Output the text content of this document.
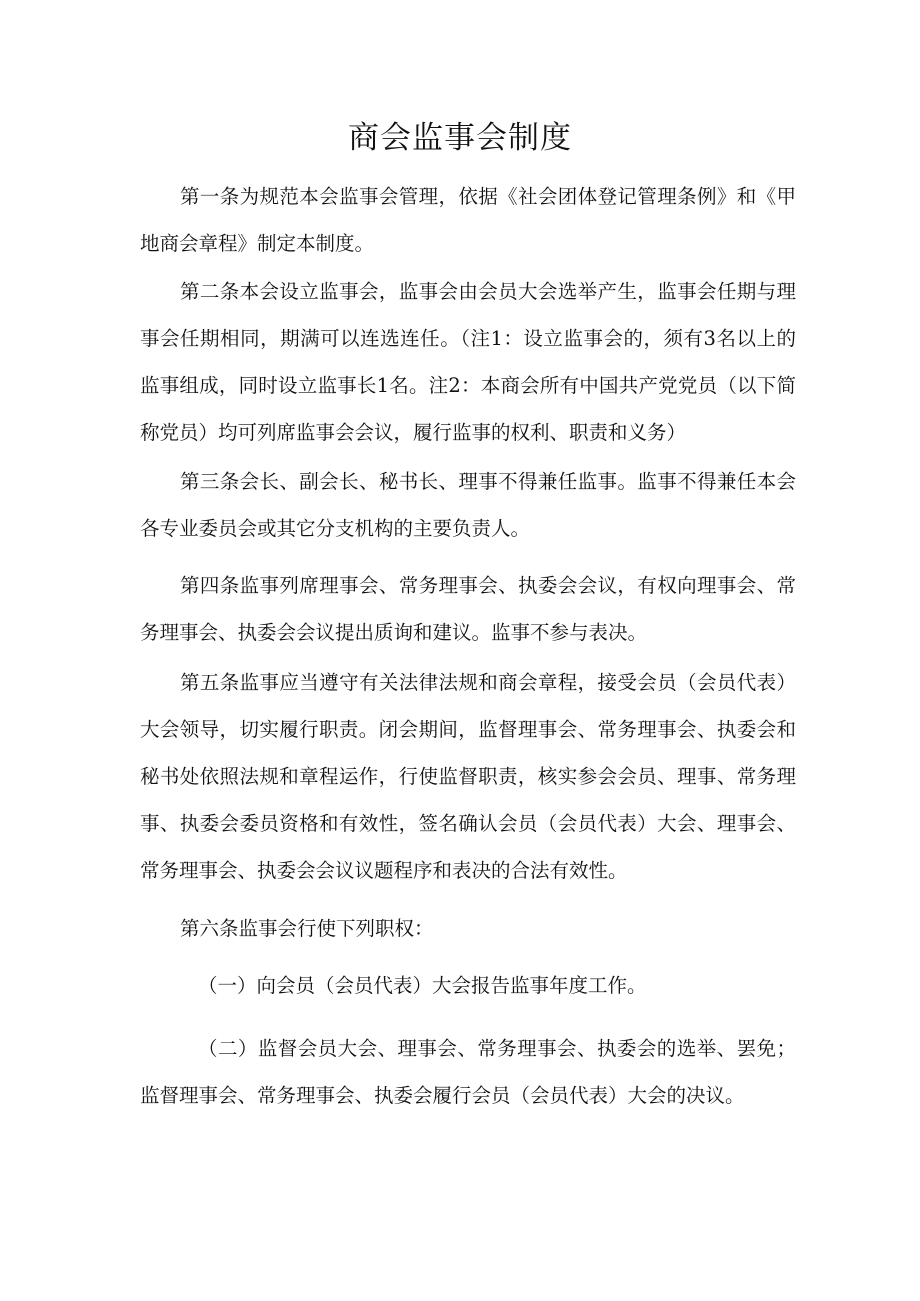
商会监事会制度

第一条为规范本会监事会管理，依据《社会团体登记管理条例》和《甲地商会章程》制定本制度。

第二条本会设立监事会，监事会由会员大会选举产生，监事会任期与理事会任期相同，期满可以连选连任。（注1：设立监事会的，须有3名以上的监事组成，同时设立监事长1名。注2：本商会所有中国共产党党员（以下简称党员）均可列席监事会会议，履行监事的权利、职责和义务）

第三条会长、副会长、秘书长、理事不得兼任监事。监事不得兼任本会各专业委员会或其它分支机构的主要负责人。

第四条监事列席理事会、常务理事会、执委会会议，有权向理事会、常务理事会、执委会会议提出质询和建议。监事不参与表决。

第五条监事应当遵守有关法律法规和商会章程，接受会员（会员代表）大会领导，切实履行职责。闭会期间，监督理事会、常务理事会、执委会和秘书处依照法规和章程运作，行使监督职责，核实参会会员、理事、常务理事、执委会委员资格和有效性，签名确认会员（会员代表）大会、理事会、常务理事会、执委会会议议题程序和表决的合法有效性。

第六条监事会行使下列职权：

（一）向会员（会员代表）大会报告监事年度工作。

（二）监督会员大会、理事会、常务理事会、执委会的选举、罢免；监督理事会、常务理事会、执委会履行会员（会员代表）大会的决议。
